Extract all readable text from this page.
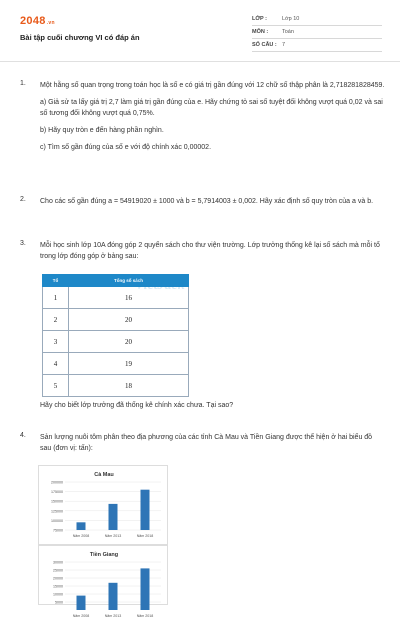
2048.vn
Bài tập cuối chương VI có đáp án
LỚP :	Lớp 10
MÔN :	Toán
SỐ CÂU : 7
1. Một hằng số quan trọng trong toán học là số e có giá trị gần đúng với 12 chữ số thập phân là 2,718281828459.
a) Giả sử ta lấy giá trị 2,7 làm giá trị gần đúng của e. Hãy chứng tỏ sai số tuyệt đối không vượt quá 0,02 và sai số tương đối không vượt quá 0,75%.
b) Hãy quy tròn e đến hàng phần nghìn.
c) Tìm số gần đúng của số e với độ chính xác 0,00002.
2. Cho các số gần đúng a = 54919020 ± 1000 và b = 5,7914003 ± 0,002. Hãy xác định số quy tròn của a và b.
3. Mỗi học sinh lớp 10A đóng góp 2 quyển sách cho thư viện trường. Lớp trưởng thống kê lại số sách mà mỗi tổ trong lớp đóng góp ở bảng sau:
Tổ	Tổng số sách
1	16
2	20
3	20
4	19
5	18
VietJack
Hãy cho biết lớp trưởng đã thống kê chính xác chưa. Tại sao?
4. Sản lượng nuôi tôm phân theo địa phương của các tỉnh Cà Mau và Tiền Giang được thể hiện ở hai biểu đồ sau (đơn vị: tấn):
Cà Mau
200000
175000
150000
125000
100000
75000
Năm 2008	Năm 2013	Năm 2018
Tiền Giang
30000
25000
20000
15000
10000
5000
Năm 2008	Năm 2013	Năm 2018
